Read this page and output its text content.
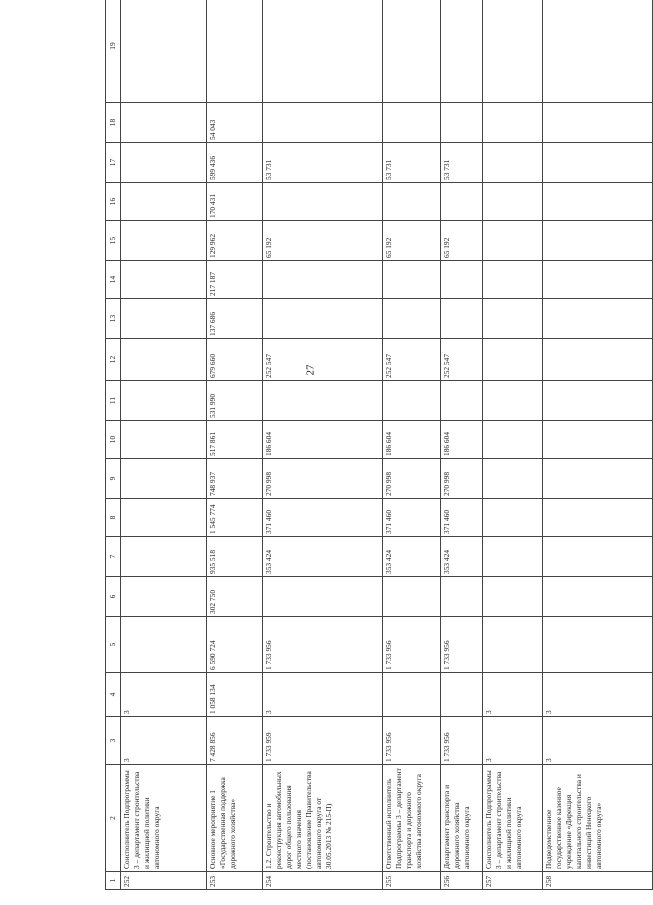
27
1	2	3	4	5	6	7	8	9	10	11	12	13	14	15	16	17	18	19
252	Соисполнитель Подпрограммы 3 – департамент строительства и жилищной политики автономного округа	3	3															
253	Основное мероприятие 1 «Государственная поддержка дорожного хозяйства»	7 428 856	1 058 134	6 590 724	302 750	935 518	1 545 774	748 937	517 861	531 990	679 660	137 686	217 187	129 962	170 431	599 436	54 043	
254	1.2. Строительство и реконструкция автомобильных дорог общего пользования местного значения (постановление Правительства автономного округа от 30.05.2013 № 215-П)	1 733 959	3	1 733 956		353 424	371 460	270 998	186 604		252 547			65 192		53 731		
255	Ответственный исполнитель Подпрограммы 3 – департамент транспорта и дорожного хозяйства автономного округа	1 733 956		1 733 956		353 424	371 460	270 998	186 604		252 547			65 192		53 731		
256	Департамент транспорта и дорожного хозяйства автономного округа	1 733 956		1 733 956		353 424	371 460	270 998	186 604		252 547			65 192		53 731		
257	Соисполнитель Подпрограммы 3 – департамент строительства и жилищной политики автономного округа	3	3															
258	Подведомственное государственное казенное учреждение «Дирекция капитального строительства и инвестиций Ненецкого автономного округа»	3	3															
